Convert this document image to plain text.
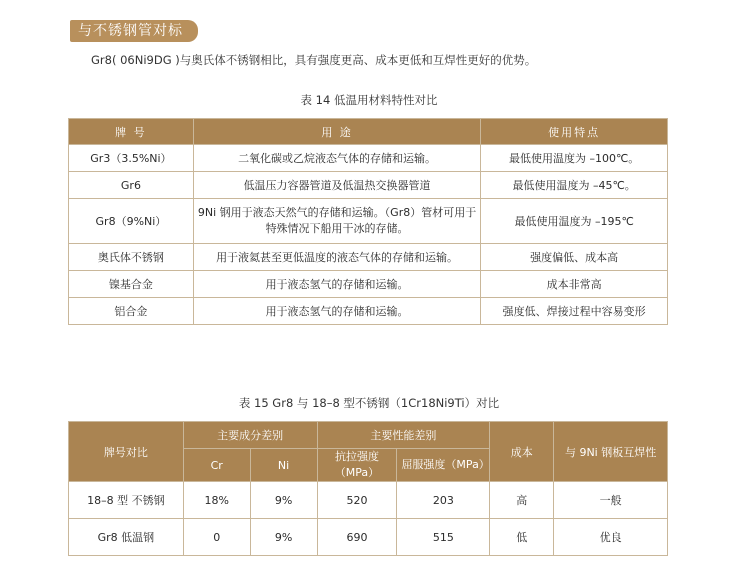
与不锈钢管对标
Gr8( 06Ni9DG )与奥氏体不锈钢相比，具有强度更高、成本更低和互焊性更好的优势。
表 14 低温用材料特性对比
牌 号	用 途	使用特点
Gr3（3.5%Ni）	二氧化碳或乙烷液态气体的存储和运输。	最低使用温度为 –100℃。
Gr6	低温压力容器管道及低温热交换器管道	最低使用温度为 –45℃。
Gr8（9%Ni）	9Ni 钢用于液态天然气的存储和运输。（Gr8）管材可用于特殊情况下船用干冰的存储。	最低使用温度为 –195℃
奥氏体不锈钢	用于液氦甚至更低温度的液态气体的存储和运输。	强度偏低、成本高
镍基合金	用于液态氢气的存储和运输。	成本非常高
铝合金	用于液态氢气的存储和运输。	强度低、焊接过程中容易变形
表 15 Gr8 与 18–8 型不锈钢（1Cr18Ni9Ti）对比
牌号对比	主要成分差别		主要性能差别		成本	与 9Ni 钢板互焊性
	Cr	Ni	抗拉强度（MPa）	屈服强度（MPa）		
18–8 型 不锈钢	18%	9%	520	203	高	一般
Gr8 低温钢	0	9%	690	515	低	优良
